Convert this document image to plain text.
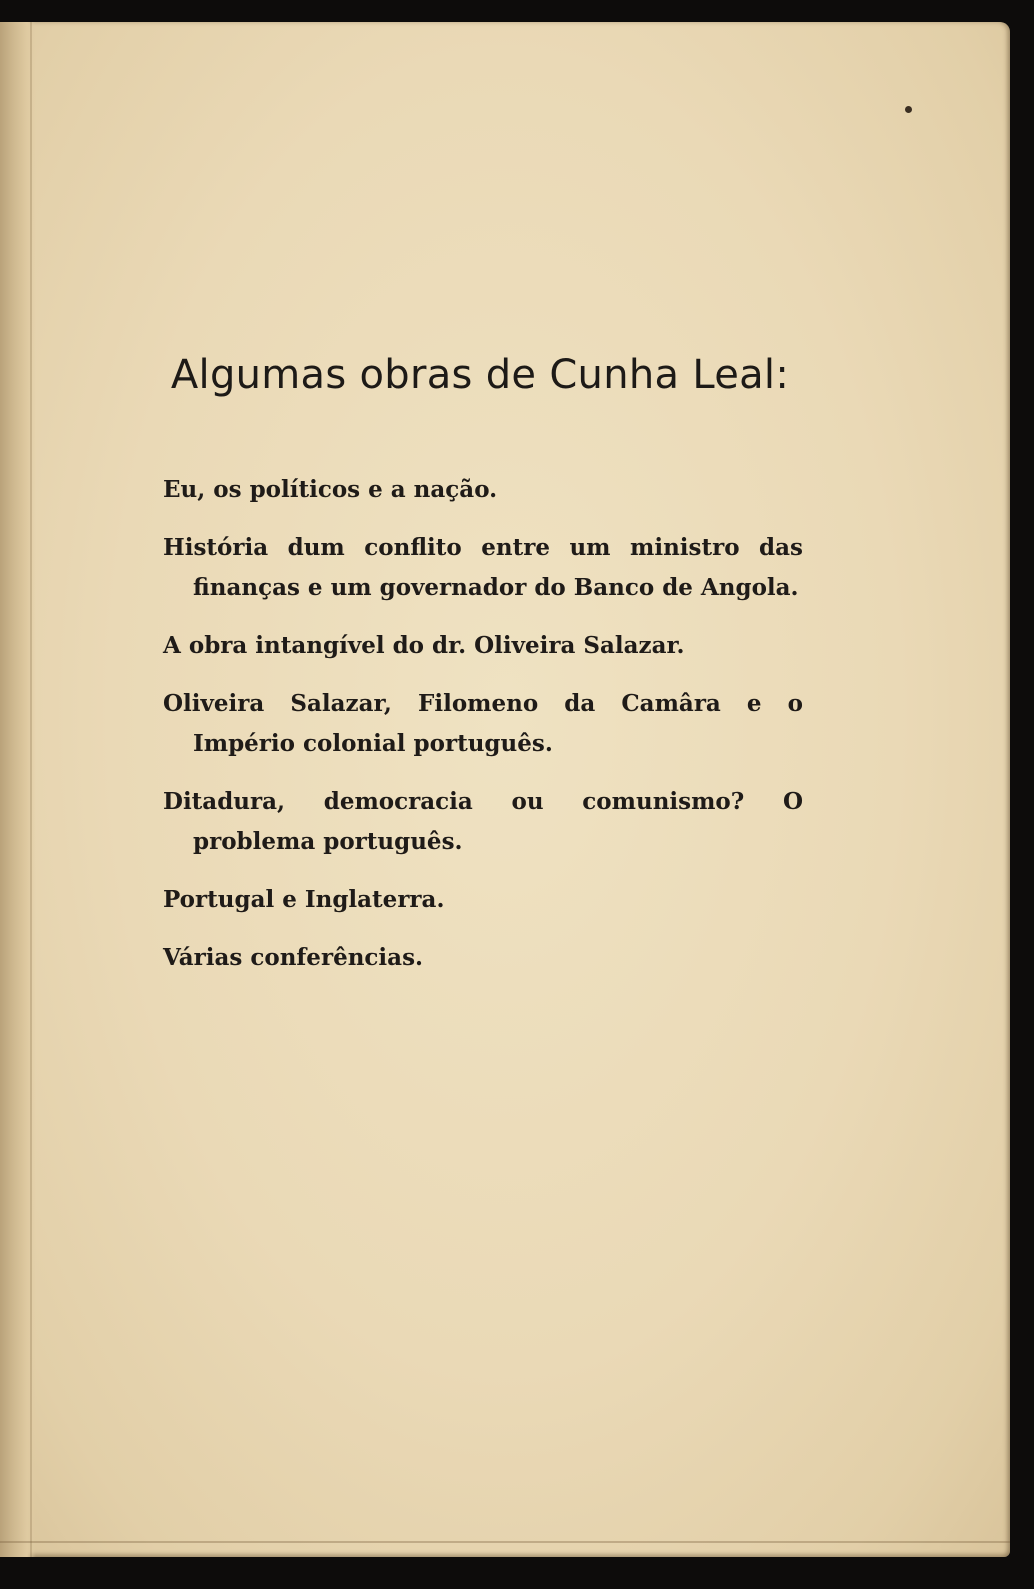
Algumas obras de Cunha Leal:
Eu, os políticos e a nação.
História dum conflito entre um ministro das finanças e um governador do Banco de Angola.
A obra intangível do dr. Oliveira Salazar.
Oliveira Salazar, Filomeno da Camâra e o Império colonial português.
Ditadura, democracia ou comunismo? O problema português.
Portugal e Inglaterra.
Várias conferências.
